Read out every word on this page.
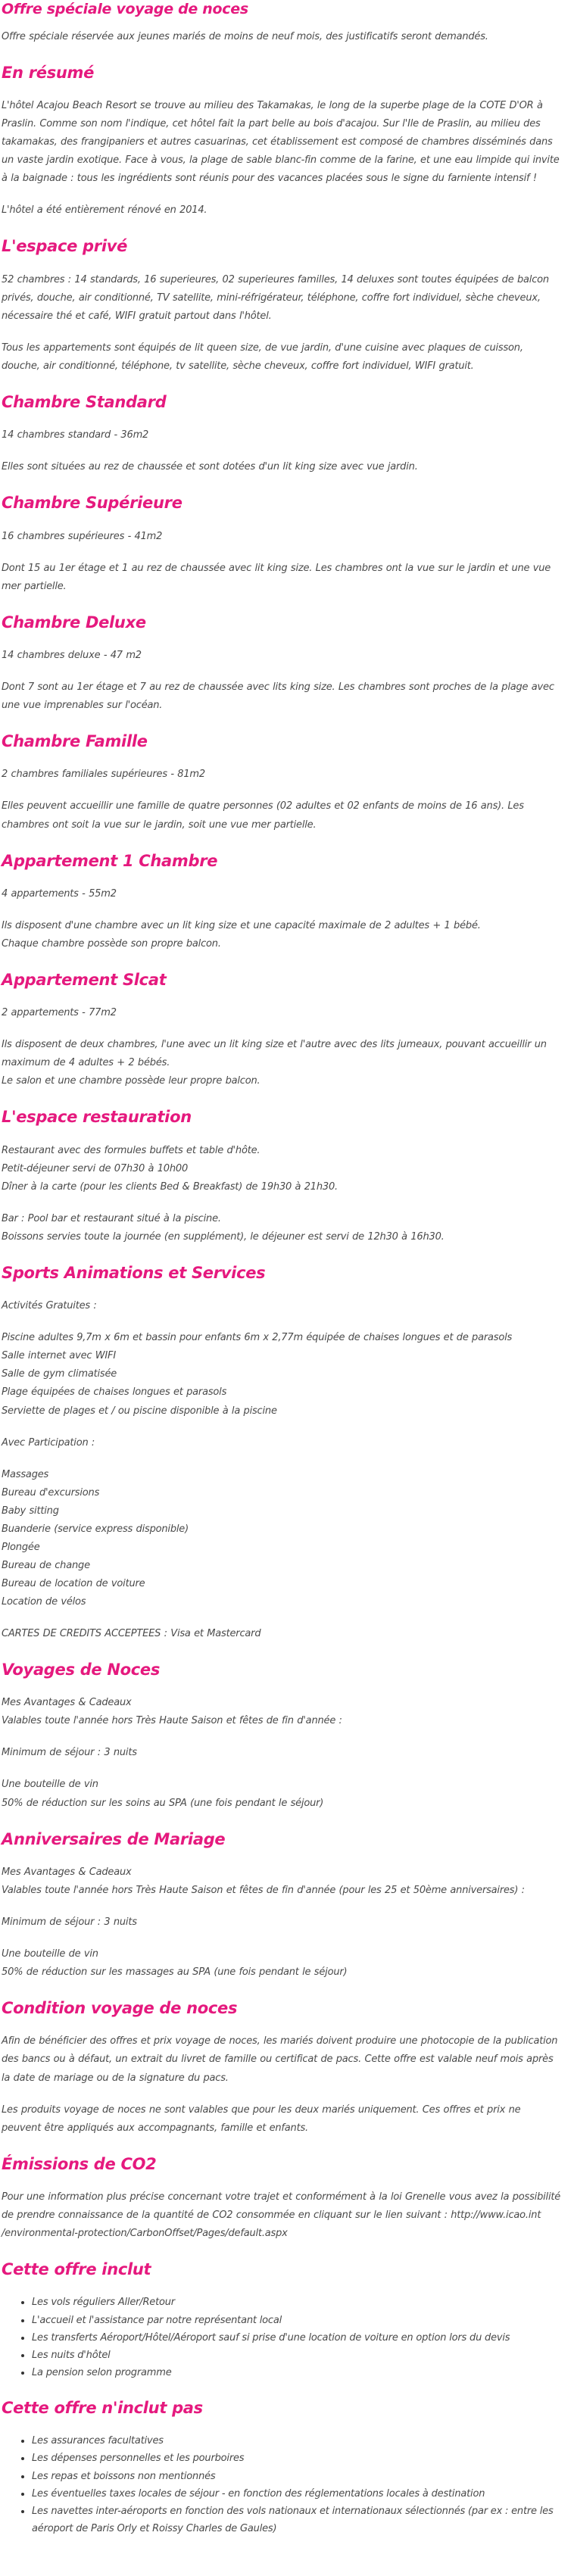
Offre spéciale voyage de noces

Offre spéciale réservée aux jeunes mariés de moins de neuf mois, des justificatifs seront demandés.

En résumé

L'hôtel Acajou Beach Resort se trouve au milieu des Takamakas, le long de la superbe plage de la COTE D'OR à Praslin. Comme son nom l'indique, cet hôtel fait la part belle au bois d'acajou. Sur l'Ile de Praslin, au milieu des takamakas, des frangipaniers et autres casuarinas, cet établissement est composé de chambres disséminés dans un vaste jardin exotique. Face à vous, la plage de sable blanc-fin comme de la farine, et une eau limpide qui invite à la baignade : tous les ingrédients sont réunis pour des vacances placées sous le signe du farniente intensif !

L'hôtel a été entièrement rénové en 2014.

L'espace privé

52 chambres : 14 standards, 16 superieures, 02 superieures familles, 14 deluxes sont toutes équipées de balcon privés, douche, air conditionné, TV satellite, mini-réfrigérateur, téléphone, coffre fort individuel, sèche cheveux, nécessaire thé et café, WIFI gratuit partout dans l'hôtel.

Tous les appartements sont équipés de lit queen size, de vue jardin, d'une cuisine avec plaques de cuisson, douche, air conditionné, téléphone, tv satellite, sèche cheveux, coffre fort individuel, WIFI gratuit.

Chambre Standard

14 chambres standard - 36m2

Elles sont situées au rez de chaussée et sont dotées d'un lit king size avec vue jardin.

Chambre Supérieure

16 chambres supérieures - 41m2

Dont 15 au 1er étage et 1 au rez de chaussée avec lit king size. Les chambres ont la vue sur le jardin et une vue mer partielle.

Chambre Deluxe

14 chambres deluxe - 47 m2

Dont 7 sont au 1er étage et 7 au rez de chaussée avec lits king size. Les chambres sont proches de la plage avec une vue imprenables sur l'océan.

Chambre Famille

2 chambres familiales supérieures - 81m2

Elles peuvent accueillir une famille de quatre personnes (02 adultes et 02 enfants de moins de 16 ans). Les chambres ont soit la vue sur le jardin, soit une vue mer partielle.

Appartement 1 Chambre

4 appartements - 55m2

Ils disposent d'une chambre avec un lit king size et une capacité maximale de 2 adultes + 1 bébé.
Chaque chambre possède son propre balcon.

Appartement Slcat

2 appartements - 77m2

Ils disposent de deux chambres, l'une avec un lit king size et l'autre avec des lits jumeaux, pouvant accueillir un maximum de 4 adultes + 2 bébés.
Le salon et une chambre possède leur propre balcon.

L'espace restauration

Restaurant avec des formules buffets et table d'hôte.
Petit-déjeuner servi de 07h30 à 10h00
Dîner à la carte (pour les clients Bed & Breakfast) de 19h30 à 21h30.

Bar : Pool bar et restaurant situé à la piscine.
Boissons servies toute la journée (en supplément), le déjeuner est servi de 12h30 à 16h30.

Sports Animations et Services

Activités Gratuites :

Piscine adultes 9,7m x 6m et bassin pour enfants 6m x 2,77m équipée de chaises longues et de parasols
Salle internet avec WIFI
Salle de gym climatisée
Plage équipées de chaises longues et parasols
Serviette de plages et / ou piscine disponible à la piscine

Avec Participation :

Massages
Bureau d'excursions
Baby sitting
Buanderie (service express disponible)
Plongée
Bureau de change
Bureau de location de voiture
Location de vélos

CARTES DE CREDITS ACCEPTEES : Visa et Mastercard

Voyages de Noces

Mes Avantages & Cadeaux
Valables toute l'année hors Très Haute Saison et fêtes de fin d'année :

Minimum de séjour : 3 nuits

Une bouteille de vin
50% de réduction sur les soins au SPA (une fois pendant le séjour)

Anniversaires de Mariage

Mes Avantages & Cadeaux
Valables toute l'année hors Très Haute Saison et fêtes de fin d'année (pour les 25 et 50ème anniversaires) :

Minimum de séjour : 3 nuits

Une bouteille de vin
50% de réduction sur les massages au SPA (une fois pendant le séjour)

Condition voyage de noces

Afin de bénéficier des offres et prix voyage de noces, les mariés doivent produire une photocopie de la publication des bancs ou à défaut, un extrait du livret de famille ou certificat de pacs. Cette offre est valable neuf mois après la date de mariage ou de la signature du pacs.

Les produits voyage de noces ne sont valables que pour les deux mariés uniquement. Ces offres et prix ne peuvent être appliqués aux accompagnants, famille et enfants.

Émissions de CO2

Pour une information plus précise concernant votre trajet et conformément à la loi Grenelle vous avez la possibilité de prendre connaissance de la quantité de CO2 consommée en cliquant sur le lien suivant : http://www.icao.int /environmental-protection/CarbonOffset/Pages/default.aspx

Cette offre inclut
• Les vols réguliers Aller/Retour
• L'accueil et l'assistance par notre représentant local
• Les transferts Aéroport/Hôtel/Aéroport sauf si prise d'une location de voiture en option lors du devis
• Les nuits d'hôtel
• La pension selon programme
Cette offre n'inclut pas
• Les assurances facultatives
• Les dépenses personnelles et les pourboires
• Les repas et boissons non mentionnés
• Les éventuelles taxes locales de séjour - en fonction des réglementations locales à destination
• Les navettes inter-aéroports en fonction des vols nationaux et internationaux sélectionnés (par ex : entre les aéroport de Paris Orly et Roissy Charles de Gaules)
